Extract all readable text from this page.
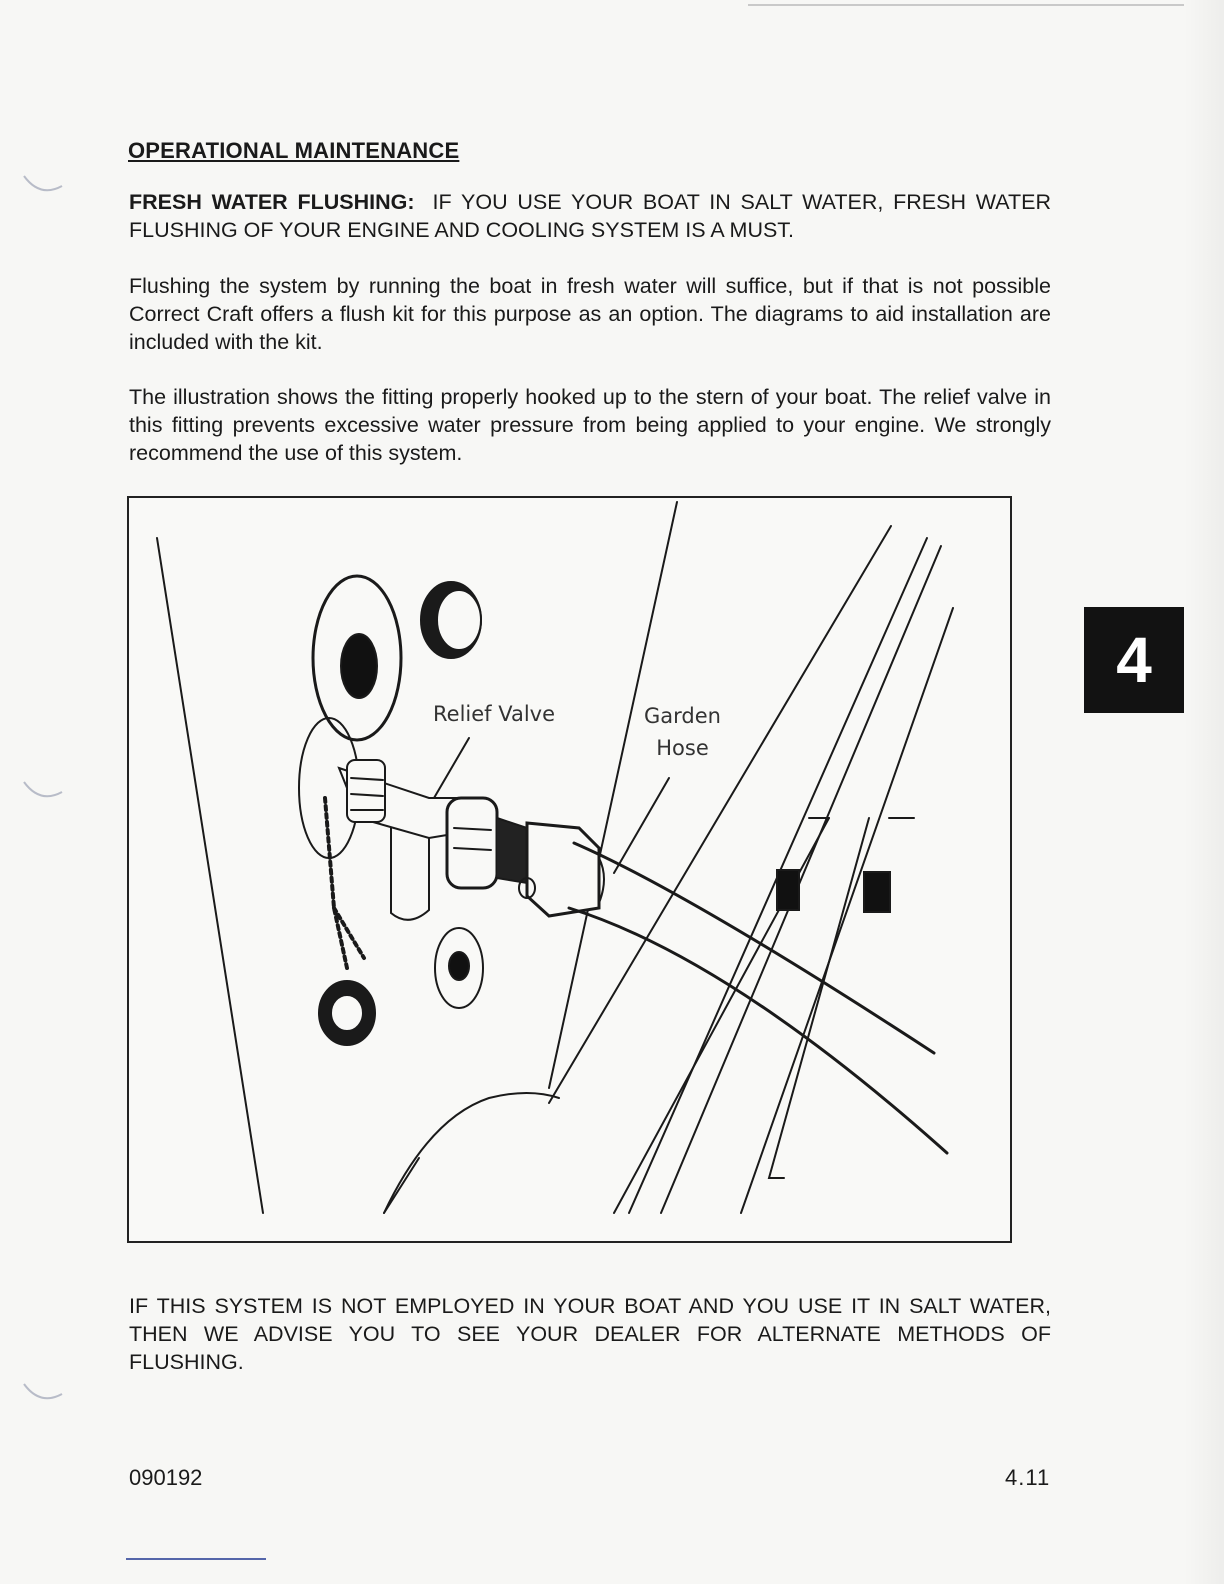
OPERATIONAL MAINTENANCE

FRESH WATER FLUSHING: IF YOU USE YOUR BOAT IN SALT WATER, FRESH WATER FLUSHING OF YOUR ENGINE AND COOLING SYSTEM IS A MUST.

Flushing the system by running the boat in fresh water will suffice, but if that is not possible Correct Craft offers a flush kit for this purpose as an option. The diagrams to aid installation are included with the kit.

The illustration shows the fitting properly hooked up to the stern of your boat. The relief valve in this fitting prevents excessive water pressure from being applied to your engine. We strongly recommend the use of this system.

Relief Valve	Garden
Hose
4

IF THIS SYSTEM IS NOT EMPLOYED IN YOUR BOAT AND YOU USE IT IN SALT WATER, THEN WE ADVISE YOU TO SEE YOUR DEALER FOR ALTERNATE METHODS OF FLUSHING.

090192	4.11
